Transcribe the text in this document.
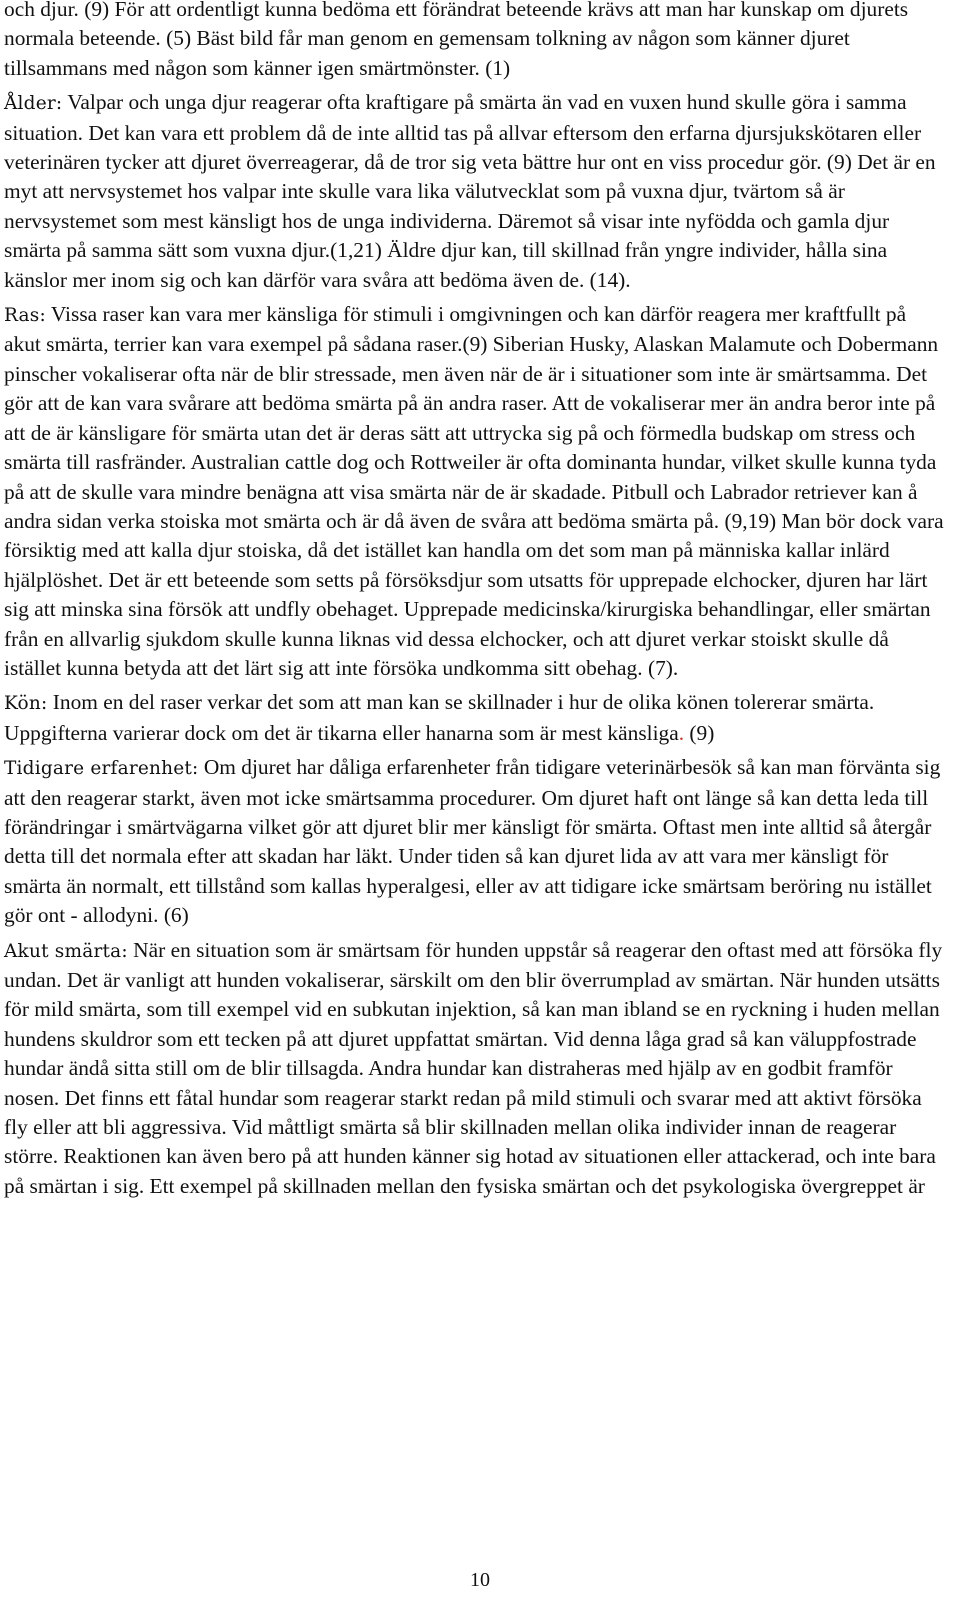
och djur. (9) För att ordentligt kunna bedöma ett förändrat beteende krävs att man har kunskap om djurets normala beteende. (5) Bäst bild får man genom en gemensam tolkning av någon som känner djuret tillsammans med någon som känner igen smärtmönster. (1)

Ålder: Valpar och unga djur reagerar ofta kraftigare på smärta än vad en vuxen hund skulle göra i samma situation. Det kan vara ett problem då de inte alltid tas på allvar eftersom den erfarna djursjukskötaren eller veterinären tycker att djuret överreagerar, då de tror sig veta bättre hur ont en viss procedur gör. (9) Det är en myt att nervsystemet hos valpar inte skulle vara lika välutvecklat som på vuxna djur, tvärtom så är nervsystemet som mest känsligt hos de unga individerna. Däremot så visar inte nyfödda och gamla djur smärta på samma sätt som vuxna djur.(1,21) Äldre djur kan, till skillnad från yngre individer, hålla sina känslor mer inom sig och kan därför vara svåra att bedöma även de. (14).

Ras: Vissa raser kan vara mer känsliga för stimuli i omgivningen och kan därför reagera mer kraftfullt på akut smärta, terrier kan vara exempel på sådana raser.(9) Siberian Husky, Alaskan Malamute och Dobermann pinscher vokaliserar ofta när de blir stressade, men även när de är i situationer som inte är smärtsamma. Det gör att de kan vara svårare att bedöma smärta på än andra raser. Att de vokaliserar mer än andra beror inte på att de är känsligare för smärta utan det är deras sätt att uttrycka sig på och förmedla budskap om stress och smärta till rasfränder. Australian cattle dog och Rottweiler är ofta dominanta hundar, vilket skulle kunna tyda på att de skulle vara mindre benägna att visa smärta när de är skadade. Pitbull och Labrador retriever kan å andra sidan verka stoiska mot smärta och är då även de svåra att bedöma smärta på. (9,19) Man bör dock vara försiktig med att kalla djur stoiska, då det istället kan handla om det som man på människa kallar inlärd hjälplöshet. Det är ett beteende som setts på försöksdjur som utsatts för upprepade elchocker, djuren har lärt sig att minska sina försök att undfly obehaget. Upprepade medicinska/kirurgiska behandlingar, eller smärtan från en allvarlig sjukdom skulle kunna liknas vid dessa elchocker, och att djuret verkar stoiskt skulle då istället kunna betyda att det lärt sig att inte försöka undkomma sitt obehag. (7).

Kön: Inom en del raser verkar det som att man kan se skillnader i hur de olika könen tolererar smärta. Uppgifterna varierar dock om det är tikarna eller hanarna som är mest känsliga. (9)

Tidigare erfarenhet: Om djuret har dåliga erfarenheter från tidigare veterinärbesök så kan man förvänta sig att den reagerar starkt, även mot icke smärtsamma procedurer. Om djuret haft ont länge så kan detta leda till förändringar i smärtvägarna vilket gör att djuret blir mer känsligt för smärta. Oftast men inte alltid så återgår detta till det normala efter att skadan har läkt. Under tiden så kan djuret lida av att vara mer känsligt för smärta än normalt, ett tillstånd som kallas hyperalgesi, eller av att tidigare icke smärtsam beröring nu istället gör ont - allodyni. (6)

Akut smärta: När en situation som är smärtsam för hunden uppstår så reagerar den oftast med att försöka fly undan. Det är vanligt att hunden vokaliserar, särskilt om den blir överrumplad av smärtan. När hunden utsätts för mild smärta, som till exempel vid en subkutan injektion, så kan man ibland se en ryckning i huden mellan hundens skuldror som ett tecken på att djuret uppfattat smärtan. Vid denna låga grad så kan väluppfostrade hundar ändå sitta still om de blir tillsagda. Andra hundar kan distraheras med hjälp av en godbit framför nosen. Det finns ett fåtal hundar som reagerar starkt redan på mild stimuli och svarar med att aktivt försöka fly eller att bli aggressiva. Vid måttligt smärta så blir skillnaden mellan olika individer innan de reagerar större. Reaktionen kan även bero på att hunden känner sig hotad av situationen eller attackerad, och inte bara på smärtan i sig. Ett exempel på skillnaden mellan den fysiska smärtan och det psykologiska övergreppet är

10
